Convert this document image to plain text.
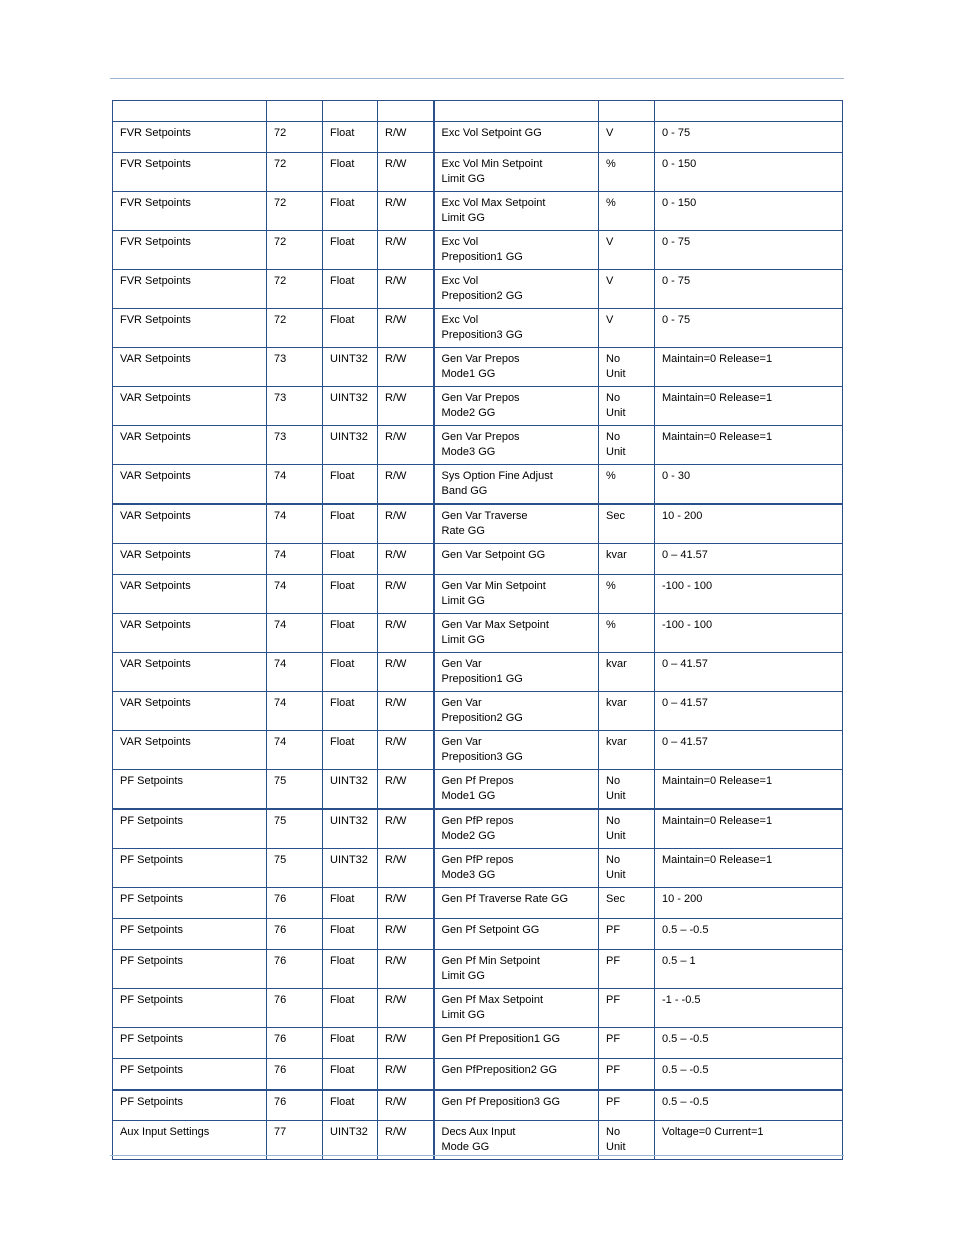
FVR Setpoints	72	Float	R/W	Exc Vol Setpoint GG	V	0 - 75

FVR Setpoints	72	Float	R/W	Exc Vol Min Setpoint
Limit GG	%	0 - 150

FVR Setpoints	72	Float	R/W	Exc Vol Max Setpoint
Limit GG	%	0 - 150

FVR Setpoints	72	Float	R/W	Exc Vol
Preposition1 GG	V	0 - 75

FVR Setpoints	72	Float	R/W	Exc Vol
Preposition2 GG	V	0 - 75

FVR Setpoints	72	Float	R/W	Exc Vol
Preposition3 GG	V	0 - 75

VAR Setpoints	73	UINT32	R/W	Gen Var Prepos
Mode1 GG	No
Unit	Maintain=0 Release=1

VAR Setpoints	73	UINT32	R/W	Gen Var Prepos
Mode2 GG	No
Unit	Maintain=0 Release=1

VAR Setpoints	73	UINT32	R/W	Gen Var Prepos
Mode3 GG	No
Unit	Maintain=0 Release=1

VAR Setpoints	74	Float	R/W	Sys Option Fine Adjust
Band GG	%	0 - 30

VAR Setpoints	74	Float	R/W	Gen Var Traverse
Rate GG	Sec	10 - 200

VAR Setpoints	74	Float	R/W	Gen Var Setpoint GG	kvar	0 – 41.57

VAR Setpoints	74	Float	R/W	Gen Var Min Setpoint
Limit GG	%	-100 - 100

VAR Setpoints	74	Float	R/W	Gen Var Max Setpoint
Limit GG	%	-100 - 100

VAR Setpoints	74	Float	R/W	Gen Var
Preposition1 GG	kvar	0 – 41.57

VAR Setpoints	74	Float	R/W	Gen Var
Preposition2 GG	kvar	0 – 41.57

VAR Setpoints	74	Float	R/W	Gen Var
Preposition3 GG	kvar	0 – 41.57

PF Setpoints	75	UINT32	R/W	Gen Pf Prepos
Mode1 GG	No
Unit	Maintain=0 Release=1

PF Setpoints	75	UINT32	R/W	Gen PfP repos
Mode2 GG	No
Unit	Maintain=0 Release=1

PF Setpoints	75	UINT32	R/W	Gen PfP repos
Mode3 GG	No
Unit	Maintain=0 Release=1

PF Setpoints	76	Float	R/W	Gen Pf Traverse Rate GG	Sec	10 - 200

PF Setpoints	76	Float	R/W	Gen Pf Setpoint GG	PF	0.5 – -0.5

PF Setpoints	76	Float	R/W	Gen Pf Min Setpoint
Limit GG	PF	0.5 – 1

PF Setpoints	76	Float	R/W	Gen Pf Max Setpoint
Limit GG	PF	-1 - -0.5

PF Setpoints	76	Float	R/W	Gen Pf Preposition1 GG	PF	0.5 – -0.5

PF Setpoints	76	Float	R/W	Gen PfPreposition2 GG	PF	0.5 – -0.5

PF Setpoints	76	Float	R/W	Gen Pf Preposition3 GG	PF	0.5 – -0.5

Aux Input Settings	77	UINT32	R/W	Decs Aux Input
Mode GG	No
Unit	Voltage=0 Current=1
